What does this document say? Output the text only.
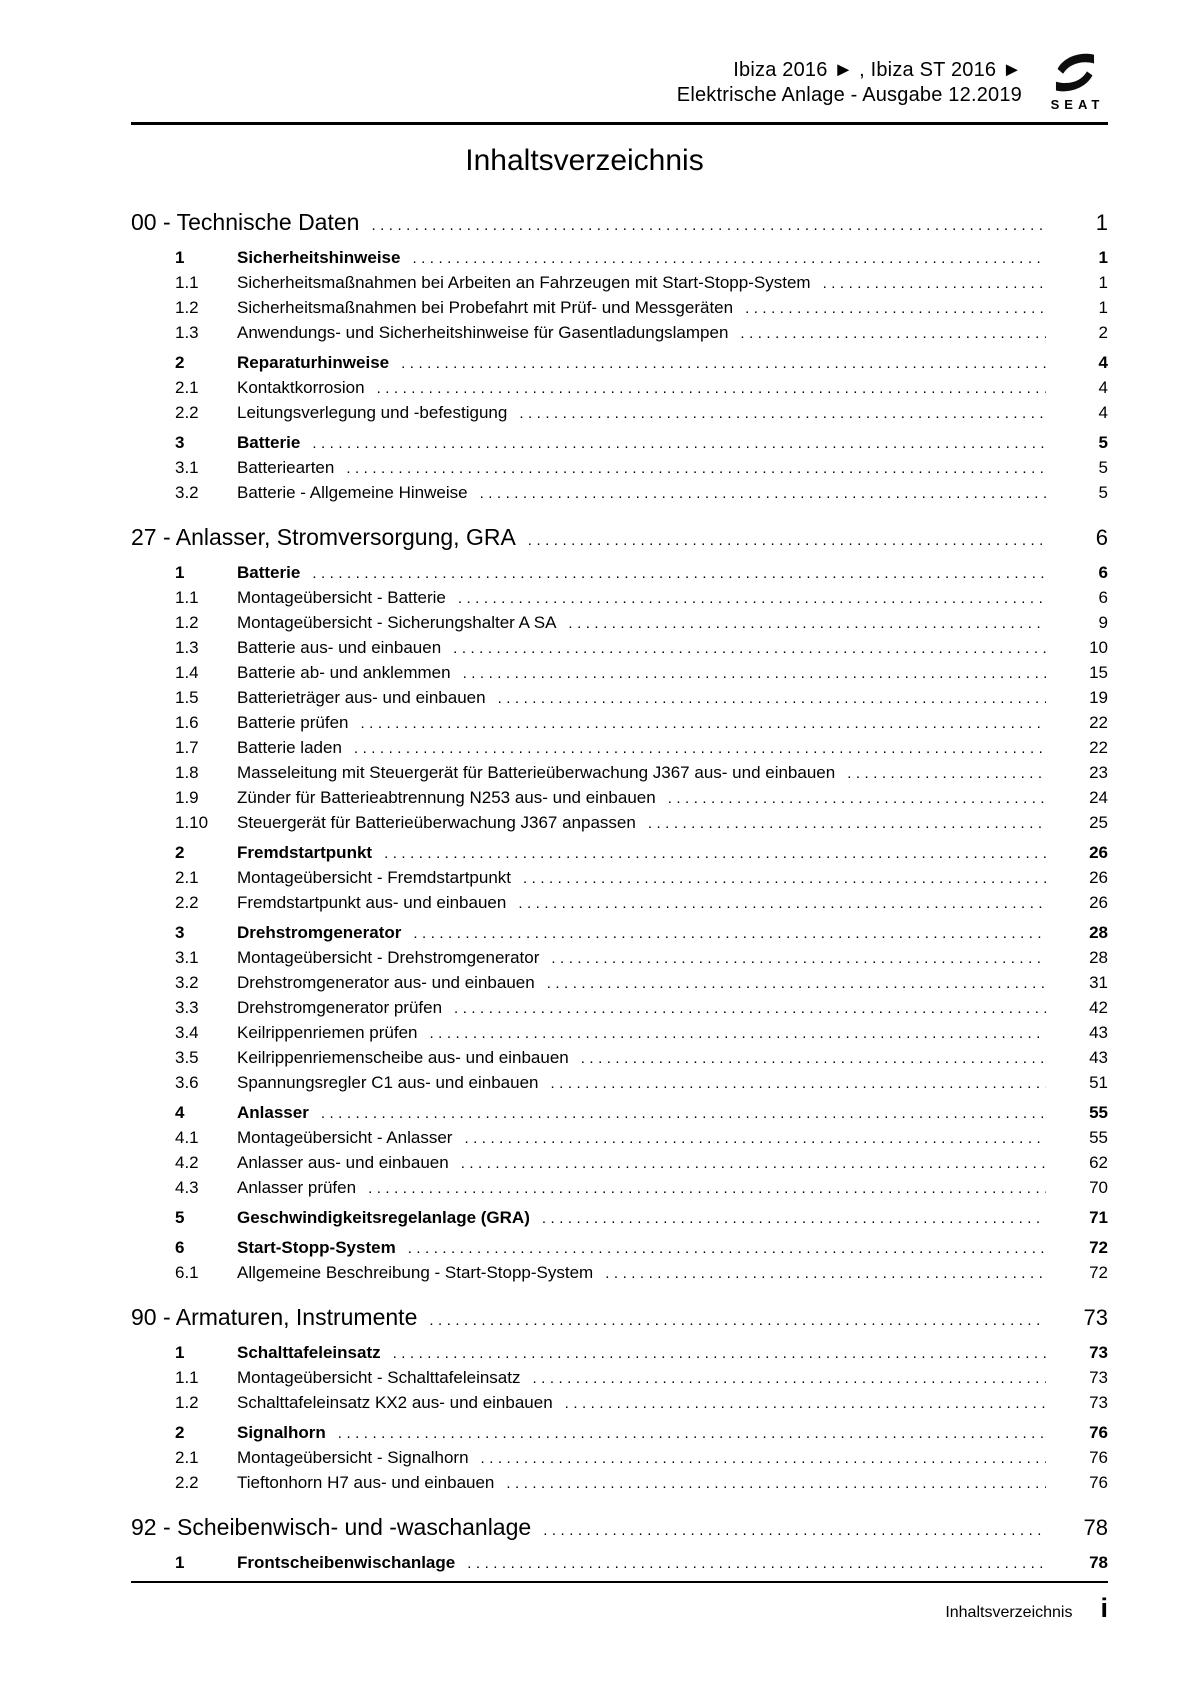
Ibiza 2016 ► , Ibiza ST 2016 ►
Elektrische Anlage - Ausgabe 12.2019	SEAT
Inhaltsverzeichnis
00 - Technische Daten .....	1
1	Sicherheitshinweise .....	1
1.1	Sicherheitsmaßnahmen bei Arbeiten an Fahrzeugen mit Start-Stopp-System .....	1
1.2	Sicherheitsmaßnahmen bei Probefahrt mit Prüf- und Messgeräten .....	1
1.3	Anwendungs- und Sicherheitshinweise für Gasentladungslampen .....	2
2	Reparaturhinweise .....	4
2.1	Kontaktkorrosion .....	4
2.2	Leitungsverlegung und -befestigung .....	4
3	Batterie .....	5
3.1	Batteriearten .....	5
3.2	Batterie - Allgemeine Hinweise .....	5
27 - Anlasser, Stromversorgung, GRA .....	6
1	Batterie .....	6
1.1	Montageübersicht - Batterie .....	6
1.2	Montageübersicht - Sicherungshalter A SA .....	9
1.3	Batterie aus- und einbauen .....	10
1.4	Batterie ab- und anklemmen .....	15
1.5	Batterieträger aus- und einbauen .....	19
1.6	Batterie prüfen .....	22
1.7	Batterie laden .....	22
1.8	Masseleitung mit Steuergerät für Batterieüberwachung J367 aus- und einbauen .....	23
1.9	Zünder für Batterieabtrennung N253 aus- und einbauen .....	24
1.10	Steuergerät für Batterieüberwachung J367 anpassen .....	25
2	Fremdstartpunkt .....	26
2.1	Montageübersicht - Fremdstartpunkt .....	26
2.2	Fremdstartpunkt aus- und einbauen .....	26
3	Drehstromgenerator .....	28
3.1	Montageübersicht - Drehstromgenerator .....	28
3.2	Drehstromgenerator aus- und einbauen .....	31
3.3	Drehstromgenerator prüfen .....	42
3.4	Keilrippenriemen prüfen .....	43
3.5	Keilrippenriemenscheibe aus- und einbauen .....	43
3.6	Spannungsregler C1 aus- und einbauen .....	51
4	Anlasser .....	55
4.1	Montageübersicht - Anlasser .....	55
4.2	Anlasser aus- und einbauen .....	62
4.3	Anlasser prüfen .....	70
5	Geschwindigkeitsregelanlage (GRA) .....	71
6	Start-Stopp-System .....	72
6.1	Allgemeine Beschreibung - Start-Stopp-System .....	72
90 - Armaturen, Instrumente .....	73
1	Schalttafeleinsatz .....	73
1.1	Montageübersicht - Schalttafeleinsatz .....	73
1.2	Schalttafeleinsatz KX2 aus- und einbauen .....	73
2	Signalhorn .....	76
2.1	Montageübersicht - Signalhorn .....	76
2.2	Tieftonhorn H7 aus- und einbauen .....	76
92 - Scheibenwisch- und -waschanlage .....	78
1	Frontscheibenwischanlage .....	78
Inhaltsverzeichnis i
